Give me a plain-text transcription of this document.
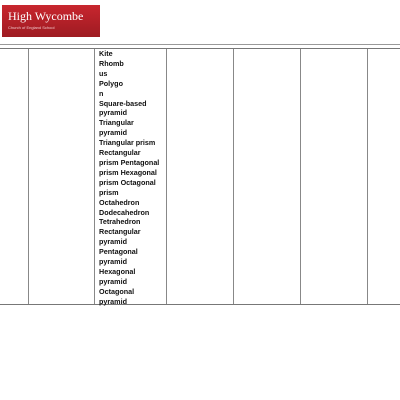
High Wycombe
Church of England School
Kite
Rhomb
us
Polygo
n
Square-based
pyramid
Triangular
pyramid
Triangular prism
Rectangular
prism Pentagonal
prism Hexagonal
prism Octagonal
prism
Octahedron
Dodecahedron
Tetrahedron
Rectangular
pyramid
Pentagonal
pyramid
Hexagonal
pyramid
Octagonal
pyramid
